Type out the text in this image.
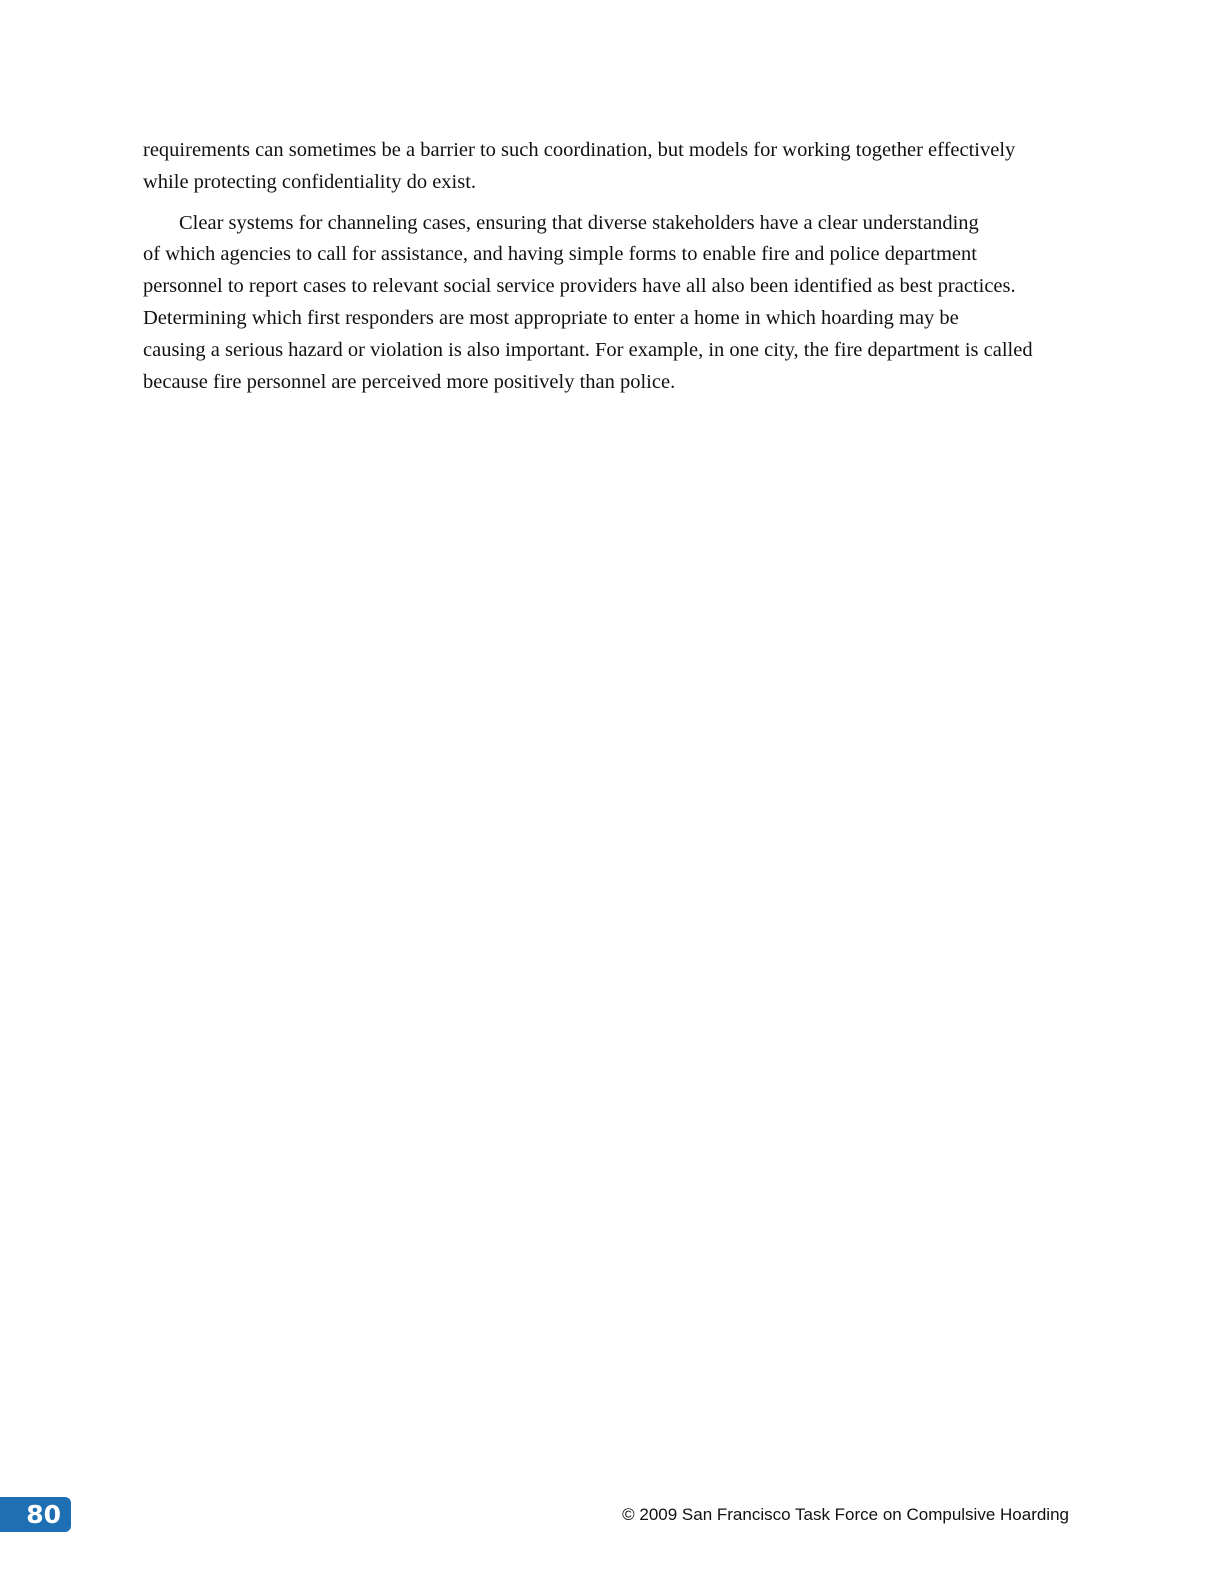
requirements can sometimes be a barrier to such coordination, but models for working together effectively
while protecting confidentiality do exist.

Clear systems for channeling cases, ensuring that diverse stakeholders have a clear understanding
of which agencies to call for assistance, and having simple forms to enable fire and police department
personnel to report cases to relevant social service providers have all also been identified as best practices.
Determining which first responders are most appropriate to enter a home in which hoarding may be
causing a serious hazard or violation is also important. For example, in one city, the fire department is called
because fire personnel are perceived more positively than police.

80	© 2009 San Francisco Task Force on Compulsive Hoarding
